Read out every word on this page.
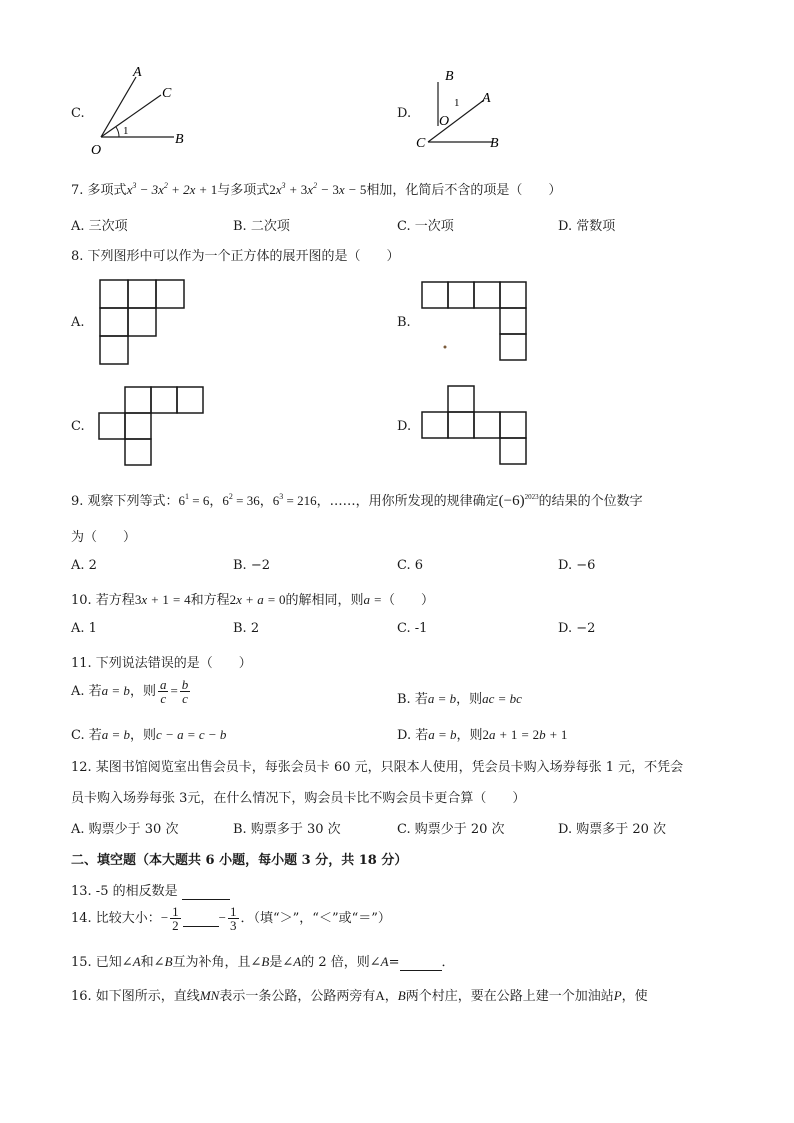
C.
A
C
O
B
1
D.
B
A
O
C	B
1
7. 多项式$x^3 - 3x^2 + 2x + 1$与多项式$2x^3 + 3x^2 - 3x - 5$相加，化简后不含的项是（　　）
A. 三次项	B. 二次项	C. 一次项	D. 常数项
8. 下列图形中可以作为一个正方体的展开图的是（　　）
A.	B.
C.	D.
9. 观察下列等式：$6^1 = 6$，$6^2 = 36$，$6^3 = 216$，……，用你所发现的规律确定$(-6)^{2023}$的结果的个位数字
为（　　）
A. 2	B. −2	C. 6	D. −6
10. 若方程3x + 1 = 4和方程2x + a = 0的解相同，则a =（　　）
A. 1	B. 2	C. -1	D. −2
11. 下列说法错误的是（　　）
A. 若a = b，则 $\frac{a}{c} = \frac{b}{c}$	B. 若a = b，则ac = bc
C. 若a = b，则c − a = c − b	D. 若a = b，则2a + 1 = 2b + 1
12. 某图书馆阅览室出售会员卡，每张会员卡 60 元，只限本人使用，凭会员卡购入场券每张 1 元，不凭会
员卡购入场券每张 3元，在什么情况下，购会员卡比不购会员卡更合算（　　）
A. 购票少于 30 次	B. 购票多于 30 次	C. 购票少于 20 次	D. 购票多于 20 次
二、填空题（本大题共 6 小题，每小题 3 分，共 18 分）
13. -5 的相反数是
14. 比较大小：− $\frac{1}{2}$	− $\frac{1}{3}$ ．（填“＞”，“＜”或“＝”）
15. 已知∠A和∠B互为补角，且∠B是∠A的 2 倍，则∠A=	．
16. 如下图所示，直线MN表示一条公路，公路两旁有A，B两个村庄，要在公路上建一个加油站P，使
